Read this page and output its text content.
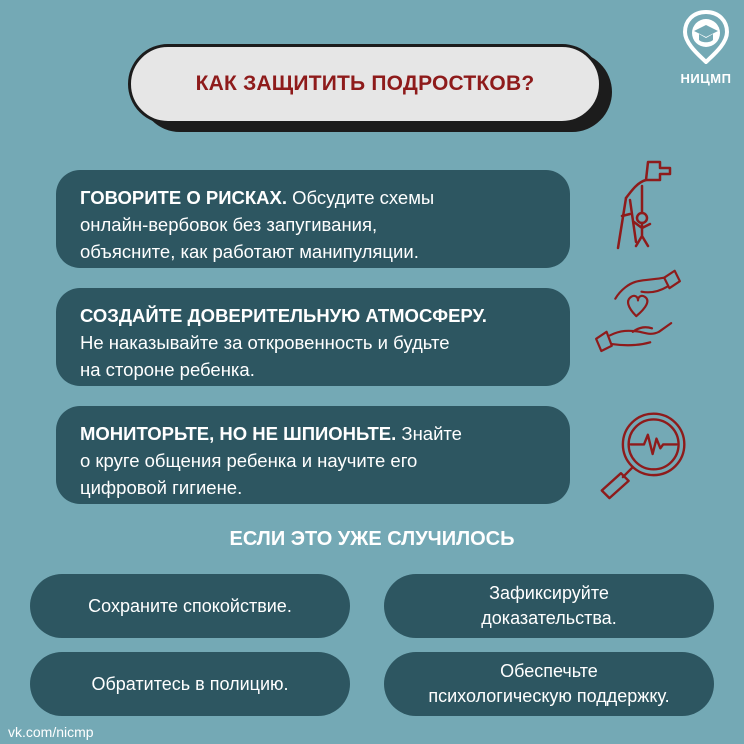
НИЦМП
КАК ЗАЩИТИТЬ ПОДРОСТКОВ?
ГОВОРИТЕ О РИСКАХ. Обсудите схемы
онлайн-вербовок без запугивания,
объясните, как работают манипуляции.
СОЗДАЙТЕ ДОВЕРИТЕЛЬНУЮ АТМОСФЕРУ.
Не наказывайте за откровенность и будьте
на стороне ребенка.
МОНИТОРЬТЕ, НО НЕ ШПИОНЬТЕ. Знайте
о круге общения ребенка и научите его
цифровой гигиене.
ЕСЛИ ЭТО УЖЕ СЛУЧИЛОСЬ
Сохраните спокойствие.
Зафиксируйте
доказательства.
Обратитесь в полицию.
Обеспечьте
психологическую поддержку.
vk.com/nicmp
